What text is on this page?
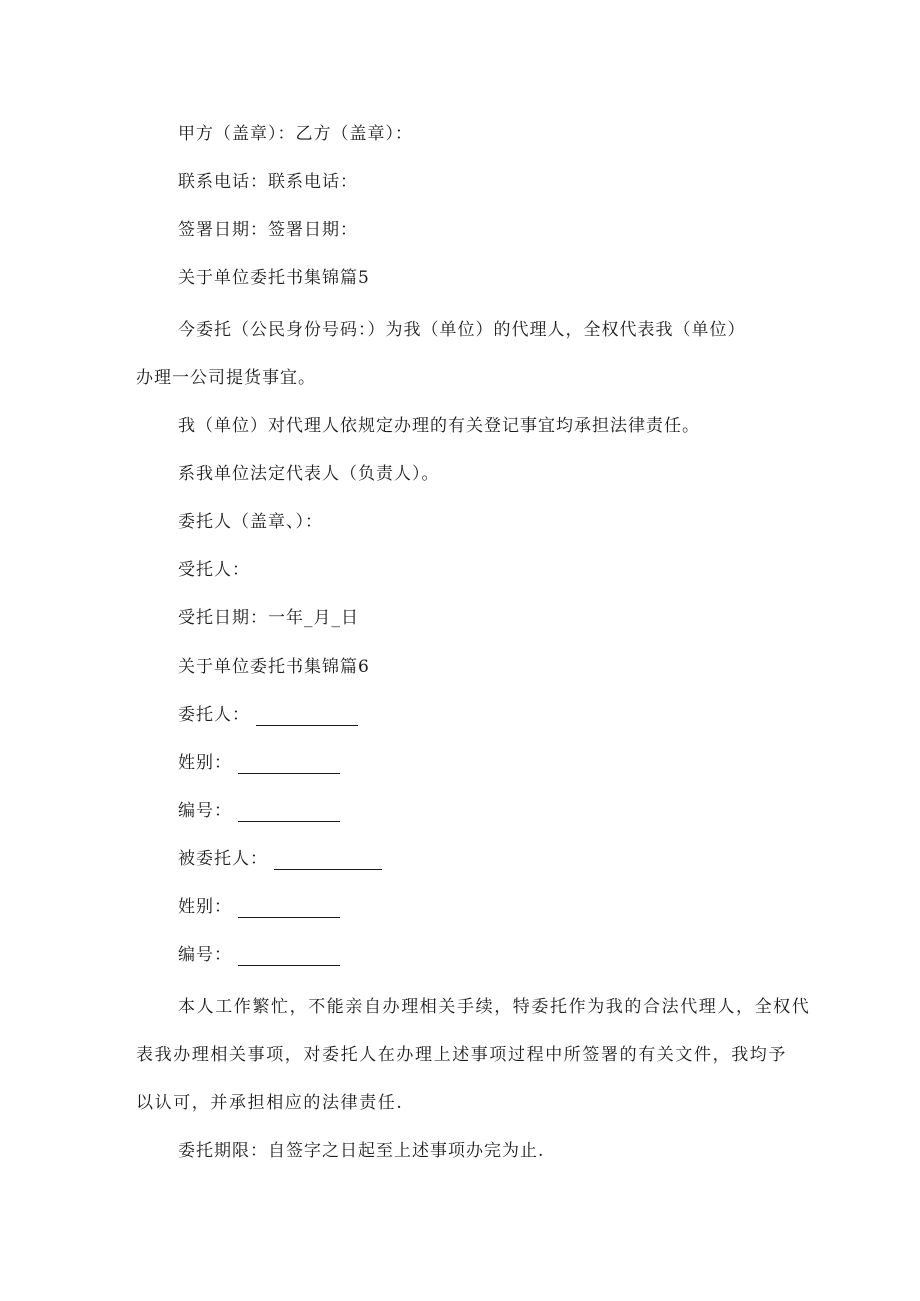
甲方（盖章）：乙方（盖章）：
联系电话：联系电话：
签署日期：签署日期：
关于单位委托书集锦篇5
今委托（公民身份号码：）为我（单位）的代理人，全权代表我（单位）
办理一公司提货事宜。
我（单位）对代理人依规定办理的有关登记事宜均承担法律责任。
系我单位法定代表人（负责人）。
委托人（盖章、）：
受托人：
受托日期：一年_月_日
关于单位委托书集锦篇6
委托人：
姓别：
编号：
被委托人：
姓别：
编号：
本人工作繁忙，不能亲自办理相关手续，特委托作为我的合法代理人，全权代
表我办理相关事项，对委托人在办理上述事项过程中所签署的有关文件，我均予
以认可，并承担相应的法律责任.
委托期限：自签字之日起至上述事项办完为止.
